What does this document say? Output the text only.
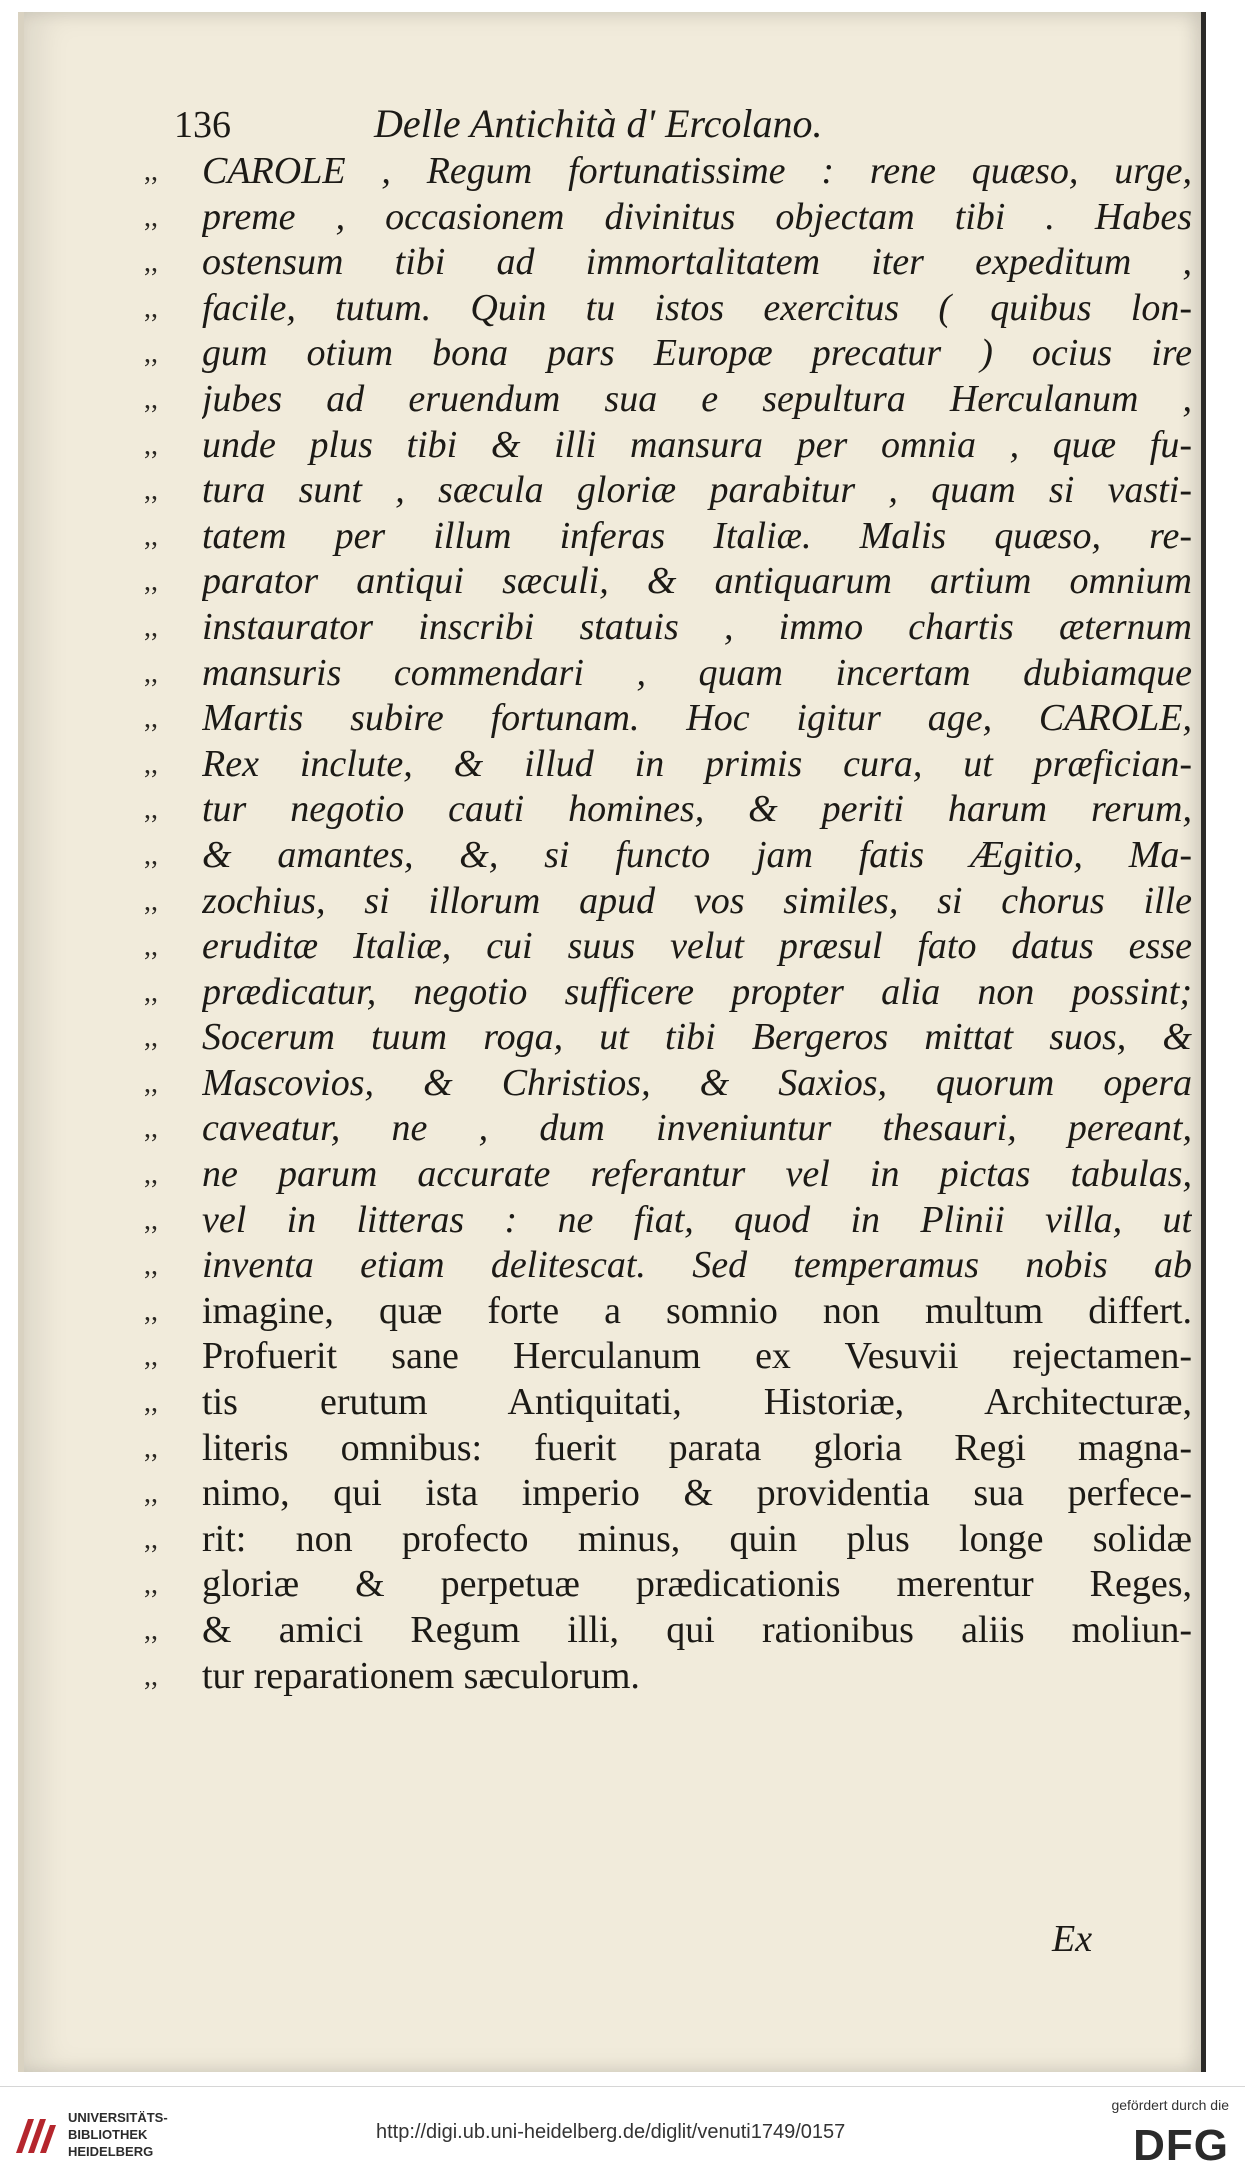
136	Delle Antichità d' Ercolano.
,, CAROLE , Regum fortunatissime : rene quæso, urge,
,, preme , occasionem divinitus objectam tibi . Habes
,, ostensum tibi ad immortalitatem iter expeditum ,
,, facile, tutum. Quin tu istos exercitus ( quibus lon-
,, gum otium bona pars Europæ precatur ) ocius ire
,, jubes ad eruendum sua e sepultura Herculanum ,
,, unde plus tibi & illi mansura per omnia , quæ fu-
,, tura sunt , sæcula gloriæ parabitur , quam si vasti-
,, tatem per illum inferas Italiæ. Malis quæso, re-
,, parator antiqui sæculi, & antiquarum artium omnium
,, instaurator inscribi statuis , immo chartis æternum
,, mansuris commendari , quam incertam dubiamque
,, Martis subire fortunam. Hoc igitur age, CAROLE,
,, Rex inclute, & illud in primis cura, ut præfician-
,, tur negotio cauti homines, & periti harum rerum,
,, & amantes, &, si functo jam fatis Ægitio, Ma-
,, zochius, si illorum apud vos similes, si chorus ille
,, eruditæ Italiæ, cui suus velut præsul fato datus esse
,, prædicatur, negotio sufficere propter alia non possint;
,, Socerum tuum roga, ut tibi Bergeros mittat suos, &
,, Mascovios, & Christios, & Saxios, quorum opera
,, caveatur, ne , dum inveniuntur thesauri, pereant,
,, ne parum accurate referantur vel in pictas tabulas,
,, vel in litteras : ne fiat, quod in Plinii villa, ut
,, inventa etiam delitescat. Sed temperamus nobis ab
,, imagine, quæ forte a somnio non multum differt.
,, Profuerit sane Herculanum ex Vesuvii rejectamen-
,, tis erutum Antiquitati, Historiæ, Architecturæ,
,, literis omnibus: fuerit parata gloria Regi magna-
,, nimo, qui ista imperio & providentia sua perfece-
,, rit: non profecto minus, quin plus longe solidæ
,, gloriæ & perpetuæ prædicationis merentur Reges,
,, & amici Regum illi, qui rationibus aliis moliun-
,, tur reparationem sæculorum.
Ex
UNIVERSITÄTS-
BIBLIOTHEK
HEIDELBERG
http://digi.ub.uni-heidelberg.de/diglit/venuti1749/0157
gefördert durch die
DFG
